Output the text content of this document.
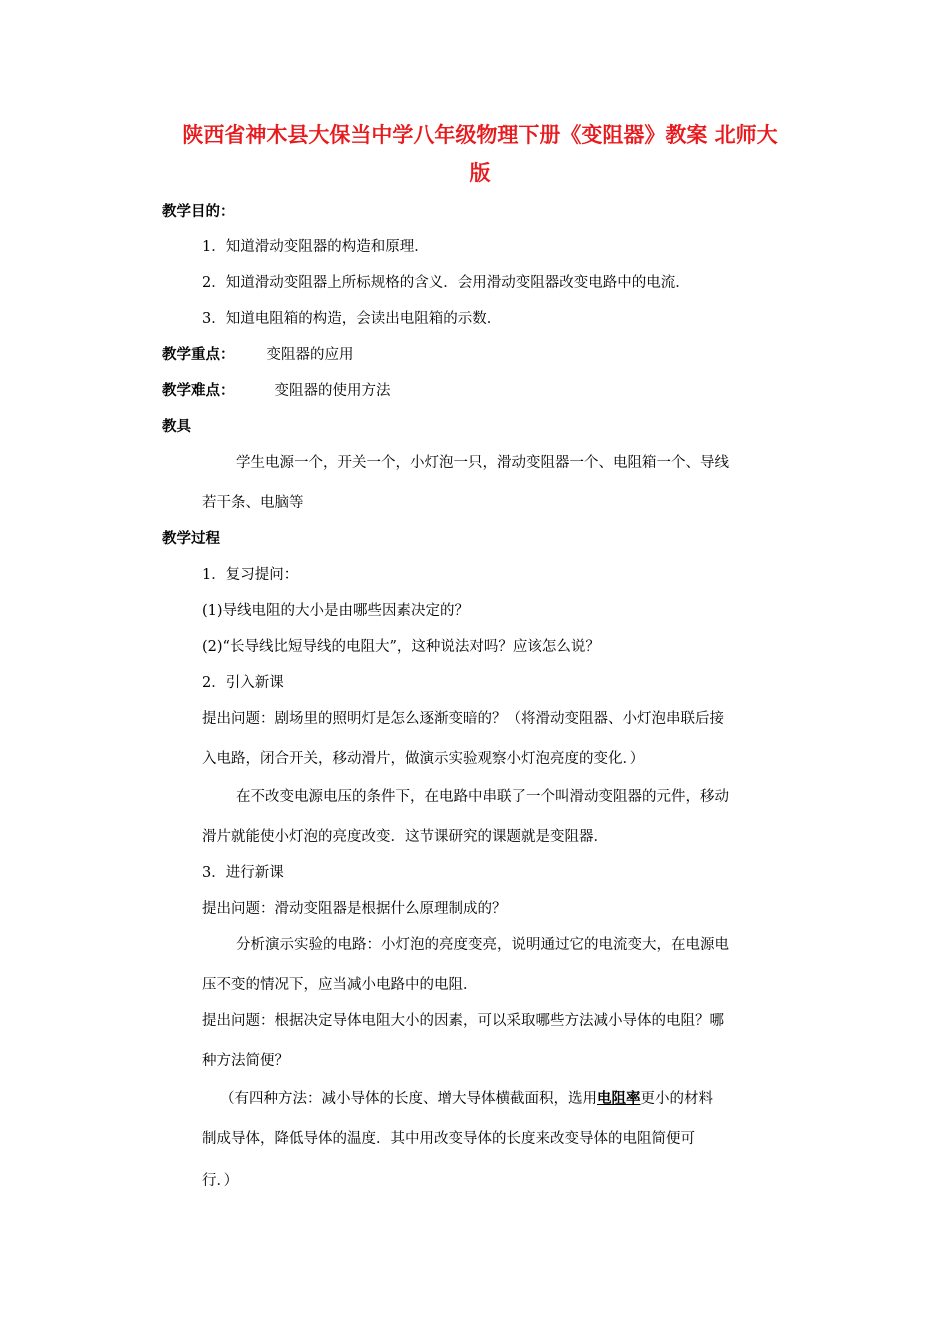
陕西省神木县大保当中学八年级物理下册《变阻器》教案 北师大
版
教学目的：
1．知道滑动变阻器的构造和原理．
2．知道滑动变阻器上所标规格的含义．会用滑动变阻器改变电路中的电流．
3．知道电阻箱的构造，会读出电阻箱的示数．
教学重点： 变阻器的应用
教学难点：	变阻器的使用方法
教具
学生电源一个，开关一个，小灯泡一只，滑动变阻器一个、电阻箱一个、导线
若干条、电脑等
教学过程
1．复习提问：
(1)导线电阻的大小是由哪些因素决定的？
(2)“长导线比短导线的电阻大”，这种说法对吗？应该怎么说？
2．引入新课
提出问题：剧场里的照明灯是怎么逐渐变暗的？（将滑动变阻器、小灯泡串联后接
入电路，闭合开关，移动滑片，做演示实验观察小灯泡亮度的变化．）
在不改变电源电压的条件下，在电路中串联了一个叫滑动变阻器的元件，移动
滑片就能使小灯泡的亮度改变．这节课研究的课题就是变阻器．
3．进行新课
提出问题：滑动变阻器是根据什么原理制成的？
分析演示实验的电路：小灯泡的亮度变亮，说明通过它的电流变大，在电源电
压不变的情况下，应当减小电路中的电阻．
提出问题：根据决定导体电阻大小的因素，可以采取哪些方法减小导体的电阻？哪
种方法简便？
（有四种方法：减小导体的长度、增大导体横截面积，选用电阻率更小的材料
制成导体，降低导体的温度．其中用改变导体的长度来改变导体的电阻简便可
行．）
